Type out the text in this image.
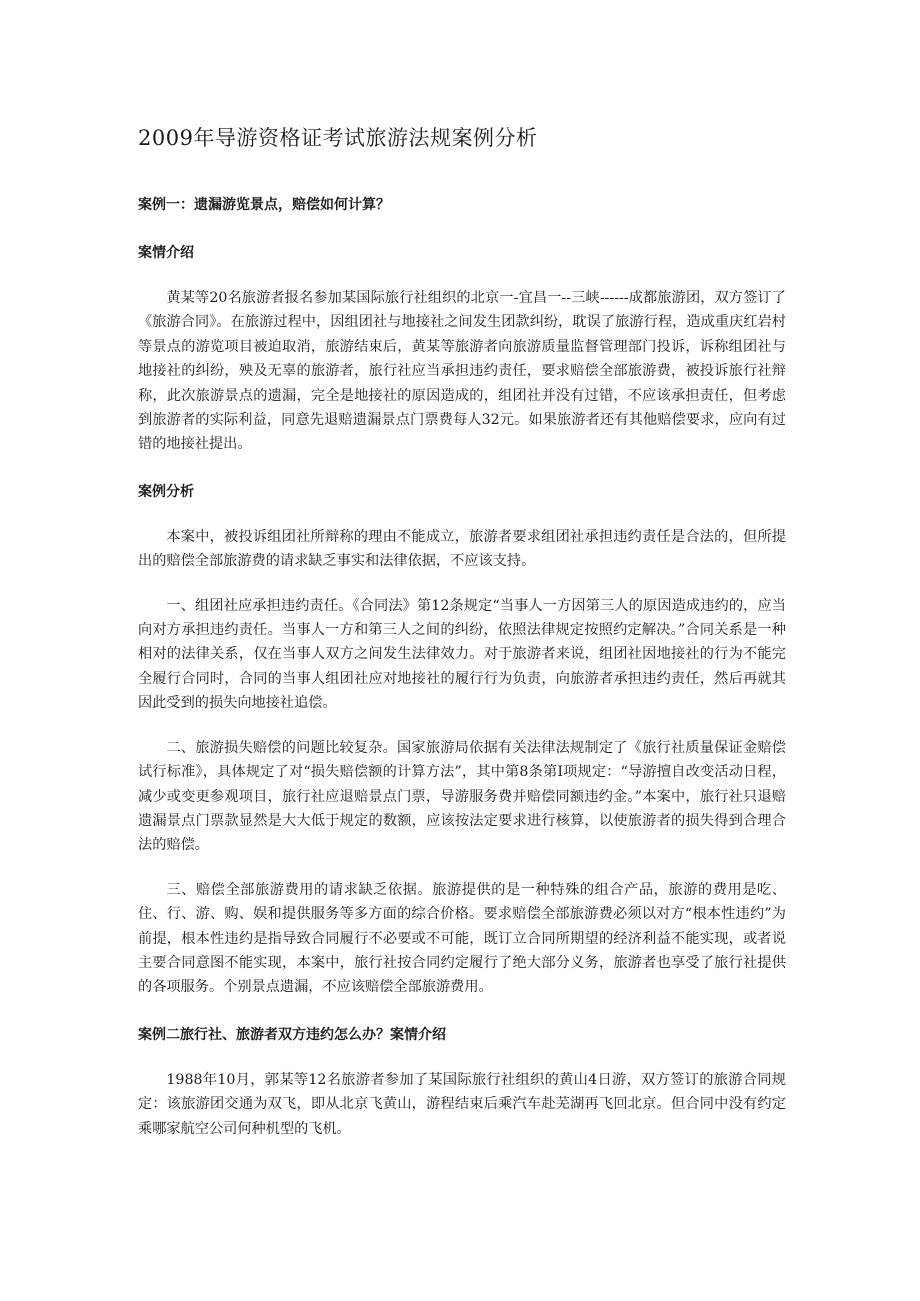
2009年导游资格证考试旅游法规案例分析
案例一：遗漏游览景点，赔偿如何计算？
案情介绍

黄某等20名旅游者报名参加某国际旅行社组织的北京一-宜昌一--三峡------成都旅游团，双方签订了《旅游合同》。在旅游过程中，因组团社与地接社之间发生团款纠纷，耽误了旅游行程，造成重庆红岩村等景点的游览项目被迫取消，旅游结束后，黄某等旅游者向旅游质量监督管理部门投诉，诉称组团社与地接社的纠纷，殃及无辜的旅游者，旅行社应当承担违约责任，要求赔偿全部旅游费，被投诉旅行社辩称，此次旅游景点的遗漏，完全是地接社的原因造成的，组团社并没有过错，不应该承担责任，但考虑到旅游者的实际利益，同意先退赔遗漏景点门票费每人32元。如果旅游者还有其他赔偿要求，应向有过错的地接社提出。

案例分析

本案中，被投诉组团社所辩称的理由不能成立，旅游者要求组团社承担违约责任是合法的，但所提出的赔偿全部旅游费的请求缺乏事实和法律依据，不应该支持。

一、组团社应承担违约责任。《合同法》第12条规定“当事人一方因第三人的原因造成违约的，应当向对方承担违约责任。当事人一方和第三人之间的纠纷，依照法律规定按照约定解决。”合同关系是一种相对的法律关系，仅在当事人双方之间发生法律效力。对于旅游者来说，组团社因地接社的行为不能完全履行合同时，合同的当事人组团社应对地接社的履行行为负责，向旅游者承担违约责任，然后再就其因此受到的损失向地接社追偿。

二、旅游损失赔偿的问题比较复杂。国家旅游局依据有关法律法规制定了《旅行社质量保证金赔偿试行标准》，具体规定了对“损失赔偿额的计算方法”，其中第8条第I项规定：“导游擅自改变活动日程，减少或变更参观项目，旅行社应退赔景点门票，导游服务费并赔偿同额违约金。”本案中，旅行社只退赔遗漏景点门票款显然是大大低于规定的数额，应该按法定要求进行核算，以使旅游者的损失得到合理合法的赔偿。

三、赔偿全部旅游费用的请求缺乏依据。旅游提供的是一种特殊的组合产品，旅游的费用是吃、住、行、游、购、娱和提供服务等多方面的综合价格。要求赔偿全部旅游费必须以对方“根本性违约”为前提，根本性违约是指导致合同履行不必要或不可能，既订立合同所期望的经济利益不能实现，或者说主要合同意图不能实现，本案中，旅行社按合同约定履行了绝大部分义务，旅游者也享受了旅行社提供的各项服务。个别景点遗漏，不应该赔偿全部旅游费用。

案例二旅行社、旅游者双方违约怎么办？案情介绍

1988年10月，郭某等12名旅游者参加了某国际旅行社组织的黄山4日游，双方签订的旅游合同规定：该旅游团交通为双飞，即从北京飞黄山，游程结束后乘汽车赴芜湖再飞回北京。但合同中没有约定乘哪家航空公司何种机型的飞机。
